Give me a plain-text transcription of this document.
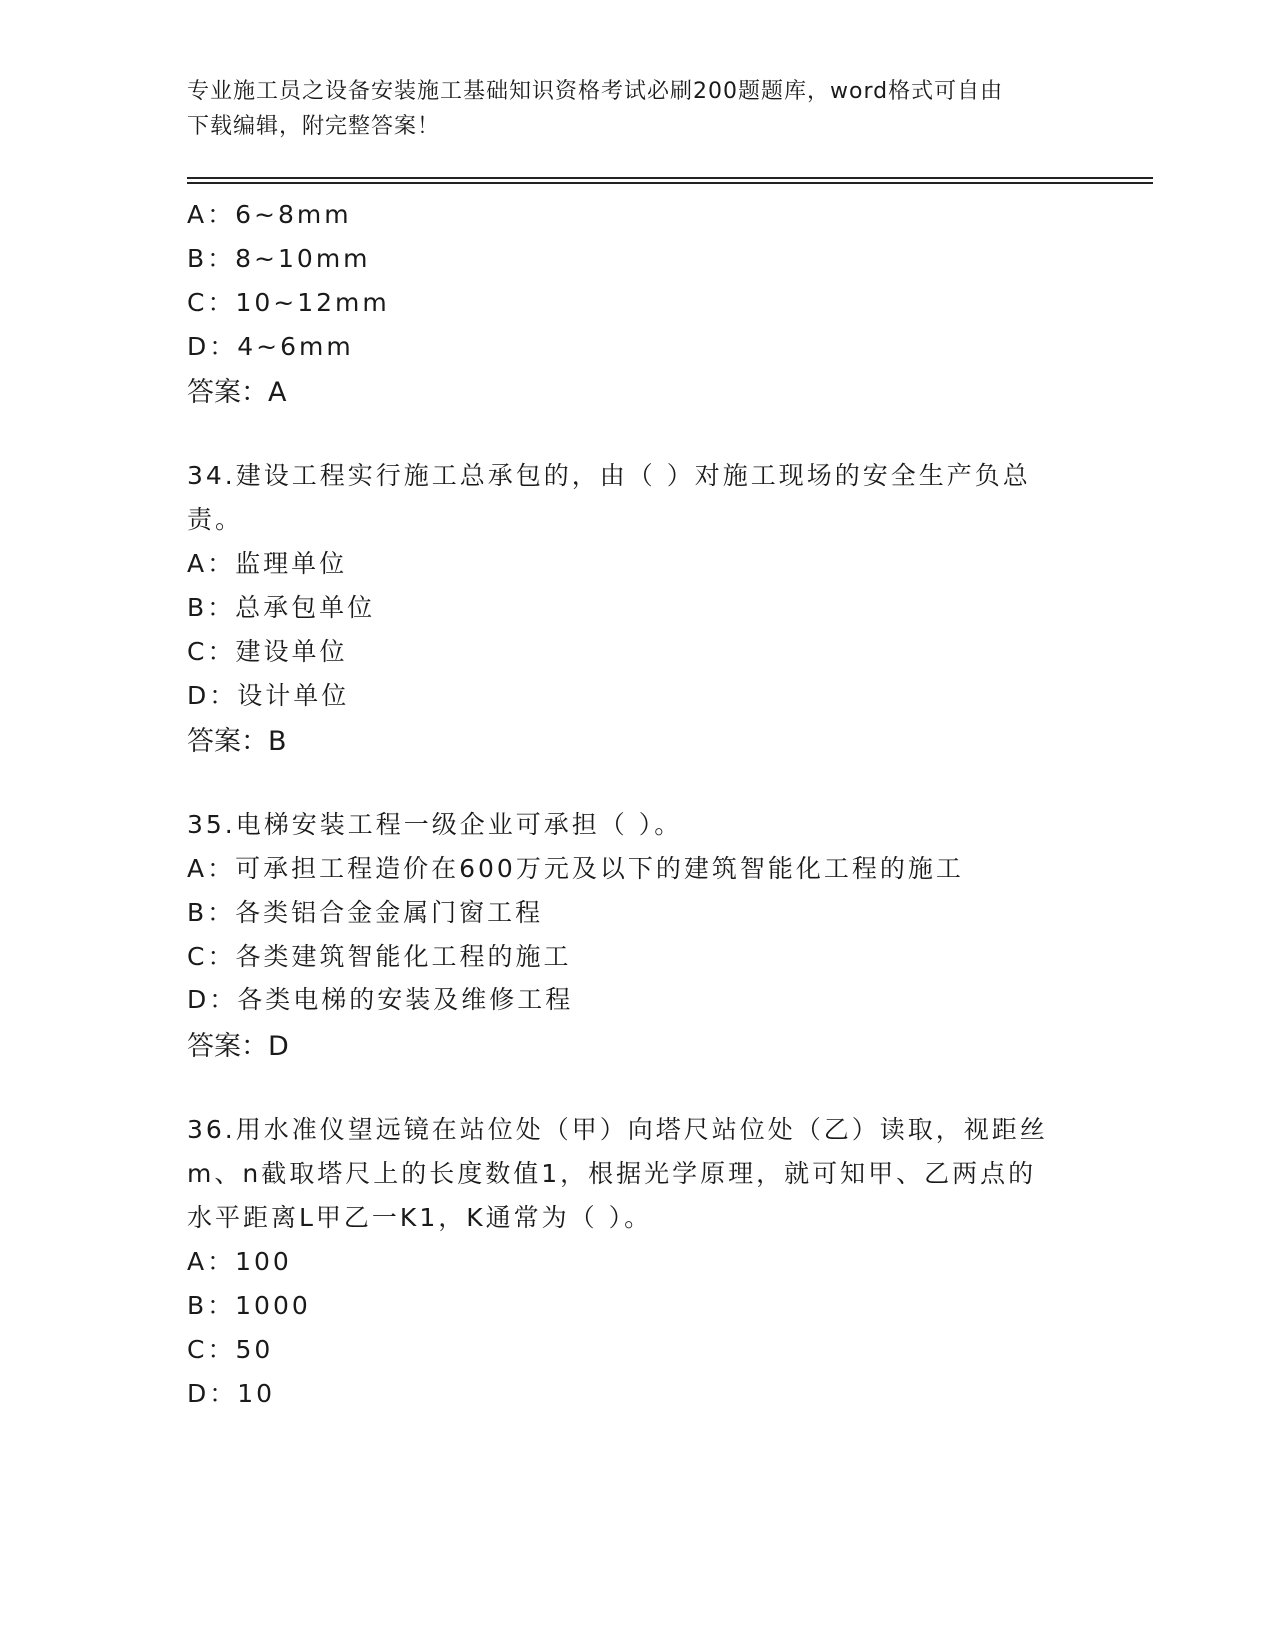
专业施工员之设备安装施工基础知识资格考试必刷200题题库，word格式可自由
下载编辑，附完整答案！
A：6~8mm
B：8~10mm
C：10~12mm
D：4~6mm
答案：A
34.建设工程实行施工总承包的，由（ ）对施工现场的安全生产负总
责。
A：监理单位
B：总承包单位
C：建设单位
D：设计单位
答案：B
35.电梯安装工程一级企业可承担（ ）。
A：可承担工程造价在600万元及以下的建筑智能化工程的施工
B：各类铝合金金属门窗工程
C：各类建筑智能化工程的施工
D：各类电梯的安装及维修工程
答案：D
36.用水准仪望远镜在站位处（甲）向塔尺站位处（乙）读取，视距丝
m、n截取塔尺上的长度数值1，根据光学原理，就可知甲、乙两点的
水平距离L甲乙一K1，K通常为（ ）。
A：100
B：1000
C：50
D：10
